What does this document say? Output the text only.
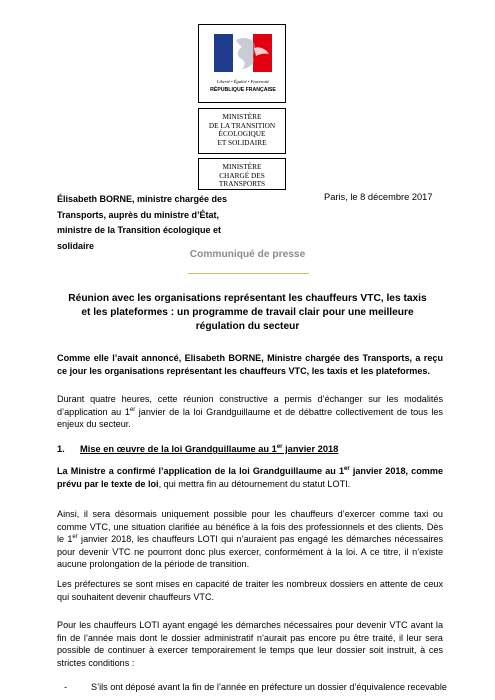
Liberté • Égalité • Fraternité
RÉPUBLIQUE FRANÇAISE
MINISTÈRE
DE LA TRANSITION
ÉCOLOGIQUE
ET SOLIDAIRE
MINISTÈRE
CHARGÉ DES
TRANSPORTS
Élisabeth BORNE, ministre chargée des
Transports, auprès du ministre d’État,
ministre de la Transition écologique et
solidaire
Paris, le 8 décembre 2017
Communiqué de presse
Réunion avec les organisations représentant les chauffeurs VTC, les taxis
et les plateformes : un programme de travail clair pour une meilleure
régulation du secteur
Comme elle l’avait annoncé, Elisabeth BORNE, Ministre chargée des Transports, a reçu ce jour les organisations représentant les chauffeurs VTC, les taxis et les plateformes.
Durant quatre heures, cette réunion constructive a permis d’échanger sur les modalités d’application au 1er janvier de la loi Grandguillaume et de débattre collectivement de tous les enjeux du secteur.
1. Mise en œuvre de la loi Grandguillaume au 1er janvier 2018
La Ministre a confirmé l’application de la loi Grandguillaume au 1er janvier 2018, comme prévu par le texte de loi, qui mettra fin au détournement du statut LOTI.
Ainsi, il sera désormais uniquement possible pour les chauffeurs d’exercer comme taxi ou comme VTC, une situation clarifiée au bénéfice à la fois des professionnels et des clients. Dès le 1er janvier 2018, les chauffeurs LOTI qui n’auraient pas engagé les démarches nécessaires pour devenir VTC ne pourront donc plus exercer, conformément à la loi. A ce titre, il n’existe aucune prolongation de la période de transition.
Les préfectures se sont mises en capacité de traiter les nombreux dossiers en attente de ceux qui souhaitent devenir chauffeurs VTC.
Pour les chauffeurs LOTI ayant engagé les démarches nécessaires pour devenir VTC avant la fin de l’année mais dont le dossier administratif n’aurait pas encore pu être traité, il leur sera possible de continuer à exercer temporairement le temps que leur dossier soit instruit, à ces strictes conditions :
-	S’ils ont déposé avant la fin de l’année en préfecture un dossier d’équivalence recevable
